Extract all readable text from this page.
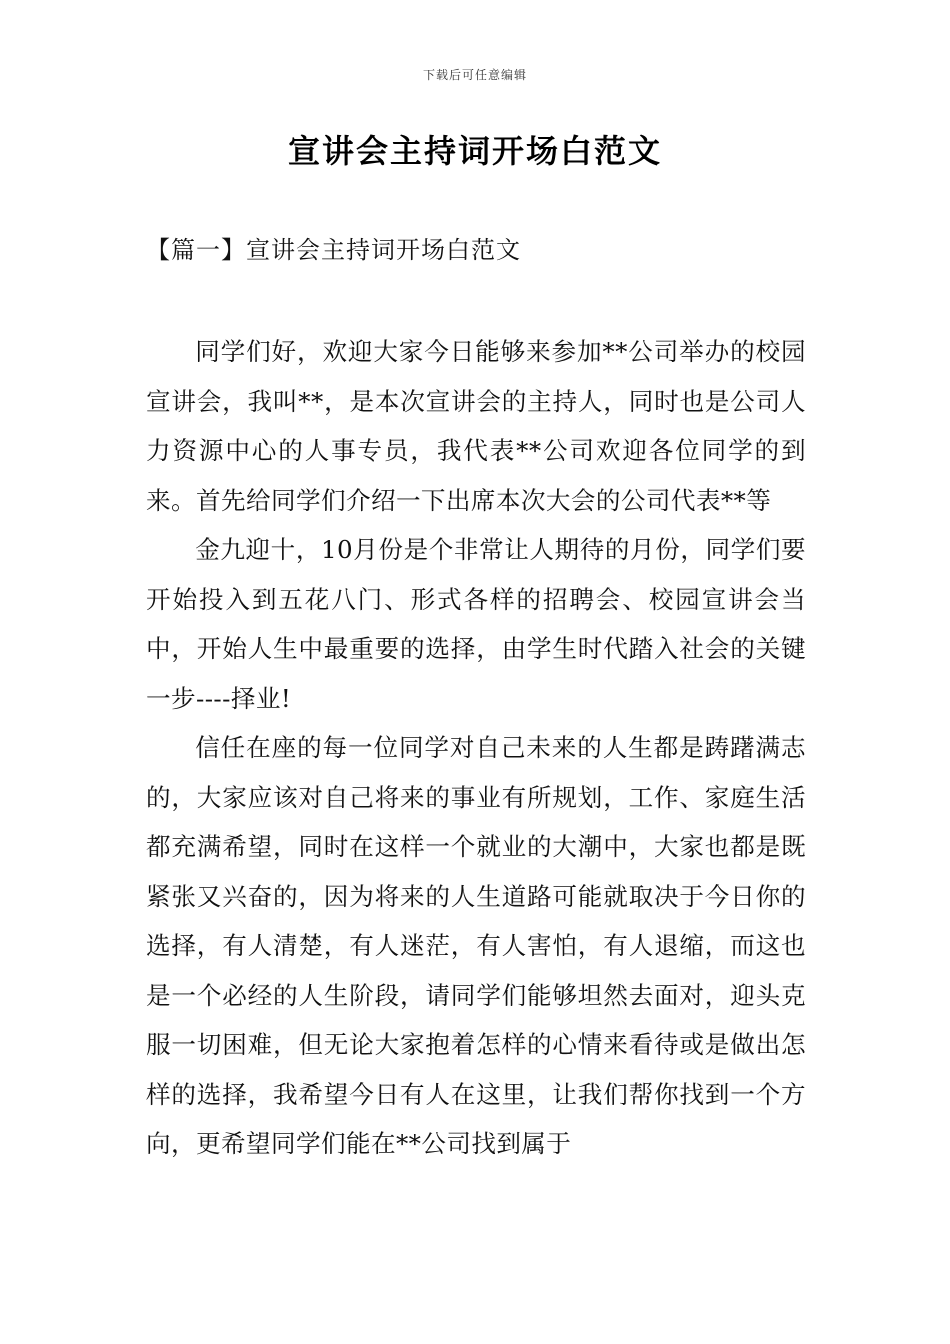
下载后可任意编辑
宣讲会主持词开场白范文
【篇一】宣讲会主持词开场白范文

同学们好，欢迎大家今日能够来参加**公司举办的校园宣讲会，我叫**，是本次宣讲会的主持人，同时也是公司人力资源中心的人事专员，我代表**公司欢迎各位同学的到来。首先给同学们介绍一下出席本次大会的公司代表**等

金九迎十，10月份是个非常让人期待的月份，同学们要开始投入到五花八门、形式各样的招聘会、校园宣讲会当中，开始人生中最重要的选择，由学生时代踏入社会的关键一步----择业!

信任在座的每一位同学对自己未来的人生都是踌躇满志的，大家应该对自己将来的事业有所规划，工作、家庭生活都充满希望，同时在这样一个就业的大潮中，大家也都是既紧张又兴奋的，因为将来的人生道路可能就取决于今日你的选择，有人清楚，有人迷茫，有人害怕，有人退缩，而这也是一个必经的人生阶段，请同学们能够坦然去面对，迎头克服一切困难，但无论大家抱着怎样的心情来看待或是做出怎样的选择，我希望今日有人在这里，让我们帮你找到一个方向，更希望同学们能在**公司找到属于
